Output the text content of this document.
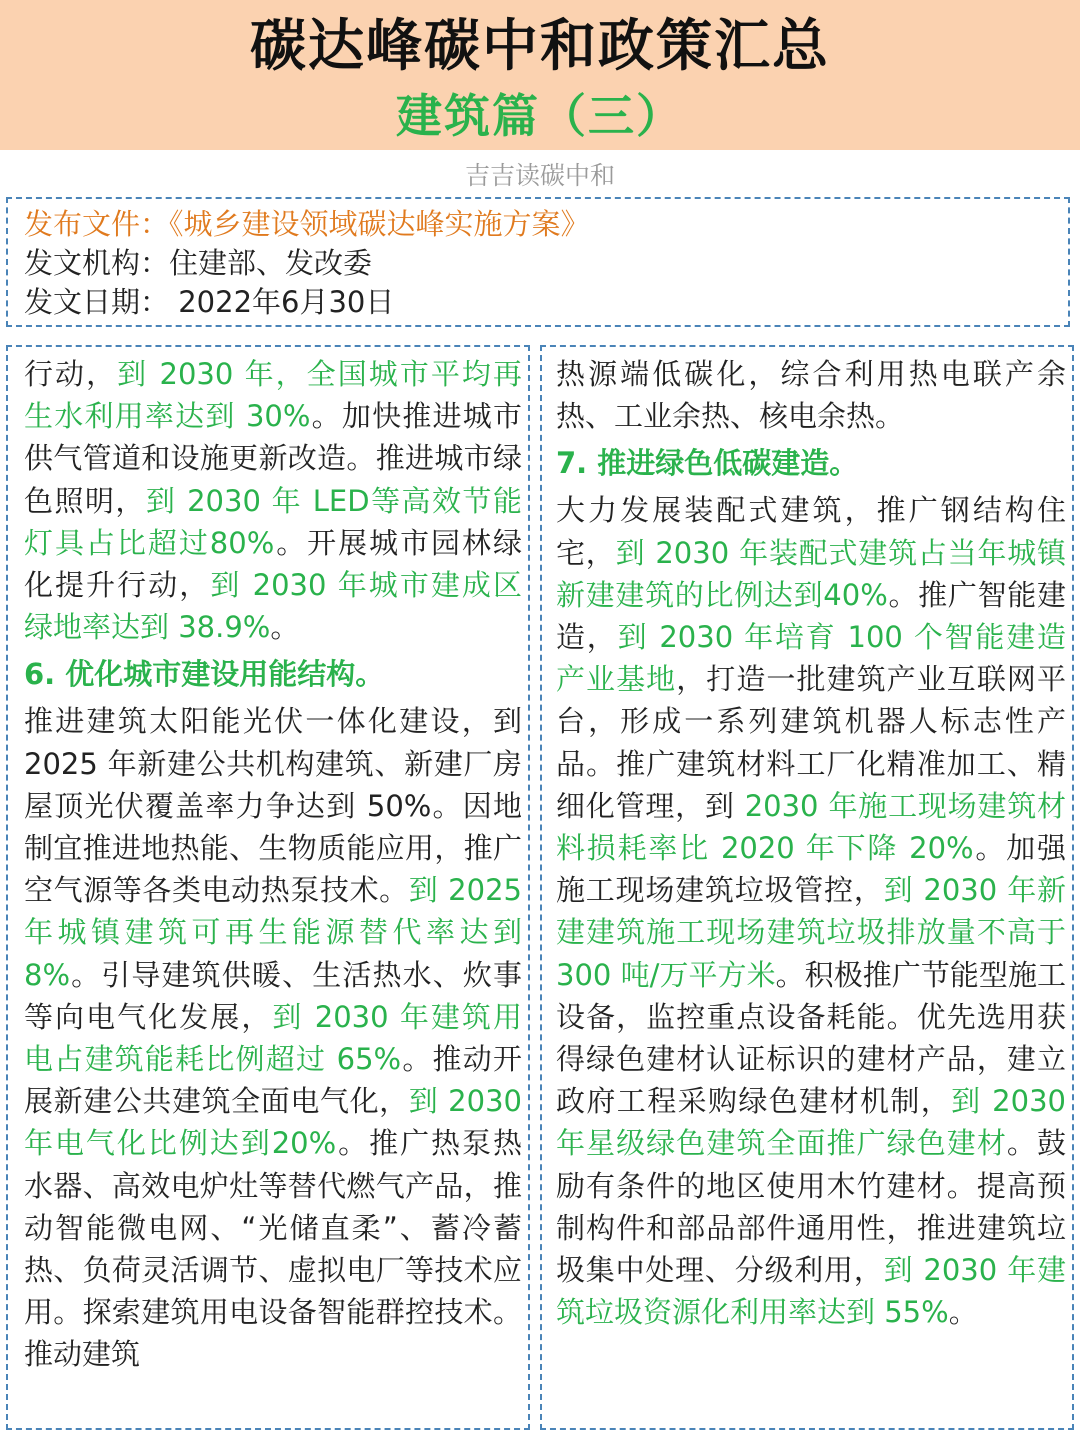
碳达峰碳中和政策汇总
建筑篇（三）
吉吉读碳中和
发布文件：《城乡建设领域碳达峰实施方案》
发文机构：住建部、发改委
发文日期： 2022年6月30日

行动，到 2030 年，全国城市平均再生水利用率达到 30%。加快推进城市供气管道和设施更新改造。推进城市绿色照明，到 2030 年 LED等高效节能灯具占比超过80%。开展城市园林绿化提升行动，到 2030 年城市建成区绿地率达到 38.9%。

6. 优化城市建设用能结构。

推进建筑太阳能光伏一体化建设，到 2025 年新建公共机构建筑、新建厂房屋顶光伏覆盖率力争达到 50%。因地制宜推进地热能、生物质能应用，推广空气源等各类电动热泵技术。到 2025 年城镇建筑可再生能源替代率达到 8%。引导建筑供暖、生活热水、炊事等向电气化发展，到 2030 年建筑用电占建筑能耗比例超过 65%。推动开展新建公共建筑全面电气化，到 2030 年电气化比例达到20%。推广热泵热水器、高效电炉灶等替代燃气产品，推动智能微电网、“光储直柔”、蓄冷蓄热、负荷灵活调节、虚拟电厂等技术应用。探索建筑用电设备智能群控技术。推动建筑

热源端低碳化，综合利用热电联产余热、工业余热、核电余热。

7. 推进绿色低碳建造。

大力发展装配式建筑，推广钢结构住宅，到 2030 年装配式建筑占当年城镇新建建筑的比例达到40%。推广智能建造，到 2030 年培育 100 个智能建造产业基地，打造一批建筑产业互联网平台，形成一系列建筑机器人标志性产品。推广建筑材料工厂化精准加工、精细化管理，到 2030 年施工现场建筑材料损耗率比 2020 年下降 20%。加强施工现场建筑垃圾管控，到 2030 年新建建筑施工现场建筑垃圾排放量不高于 300 吨/万平方米。积极推广节能型施工设备，监控重点设备耗能。优先选用获得绿色建材认证标识的建材产品，建立政府工程采购绿色建材机制，到 2030 年星级绿色建筑全面推广绿色建材。鼓励有条件的地区使用木竹建材。提高预制构件和部品部件通用性，推进建筑垃圾集中处理、分级利用，到 2030 年建筑垃圾资源化利用率达到 55%。
